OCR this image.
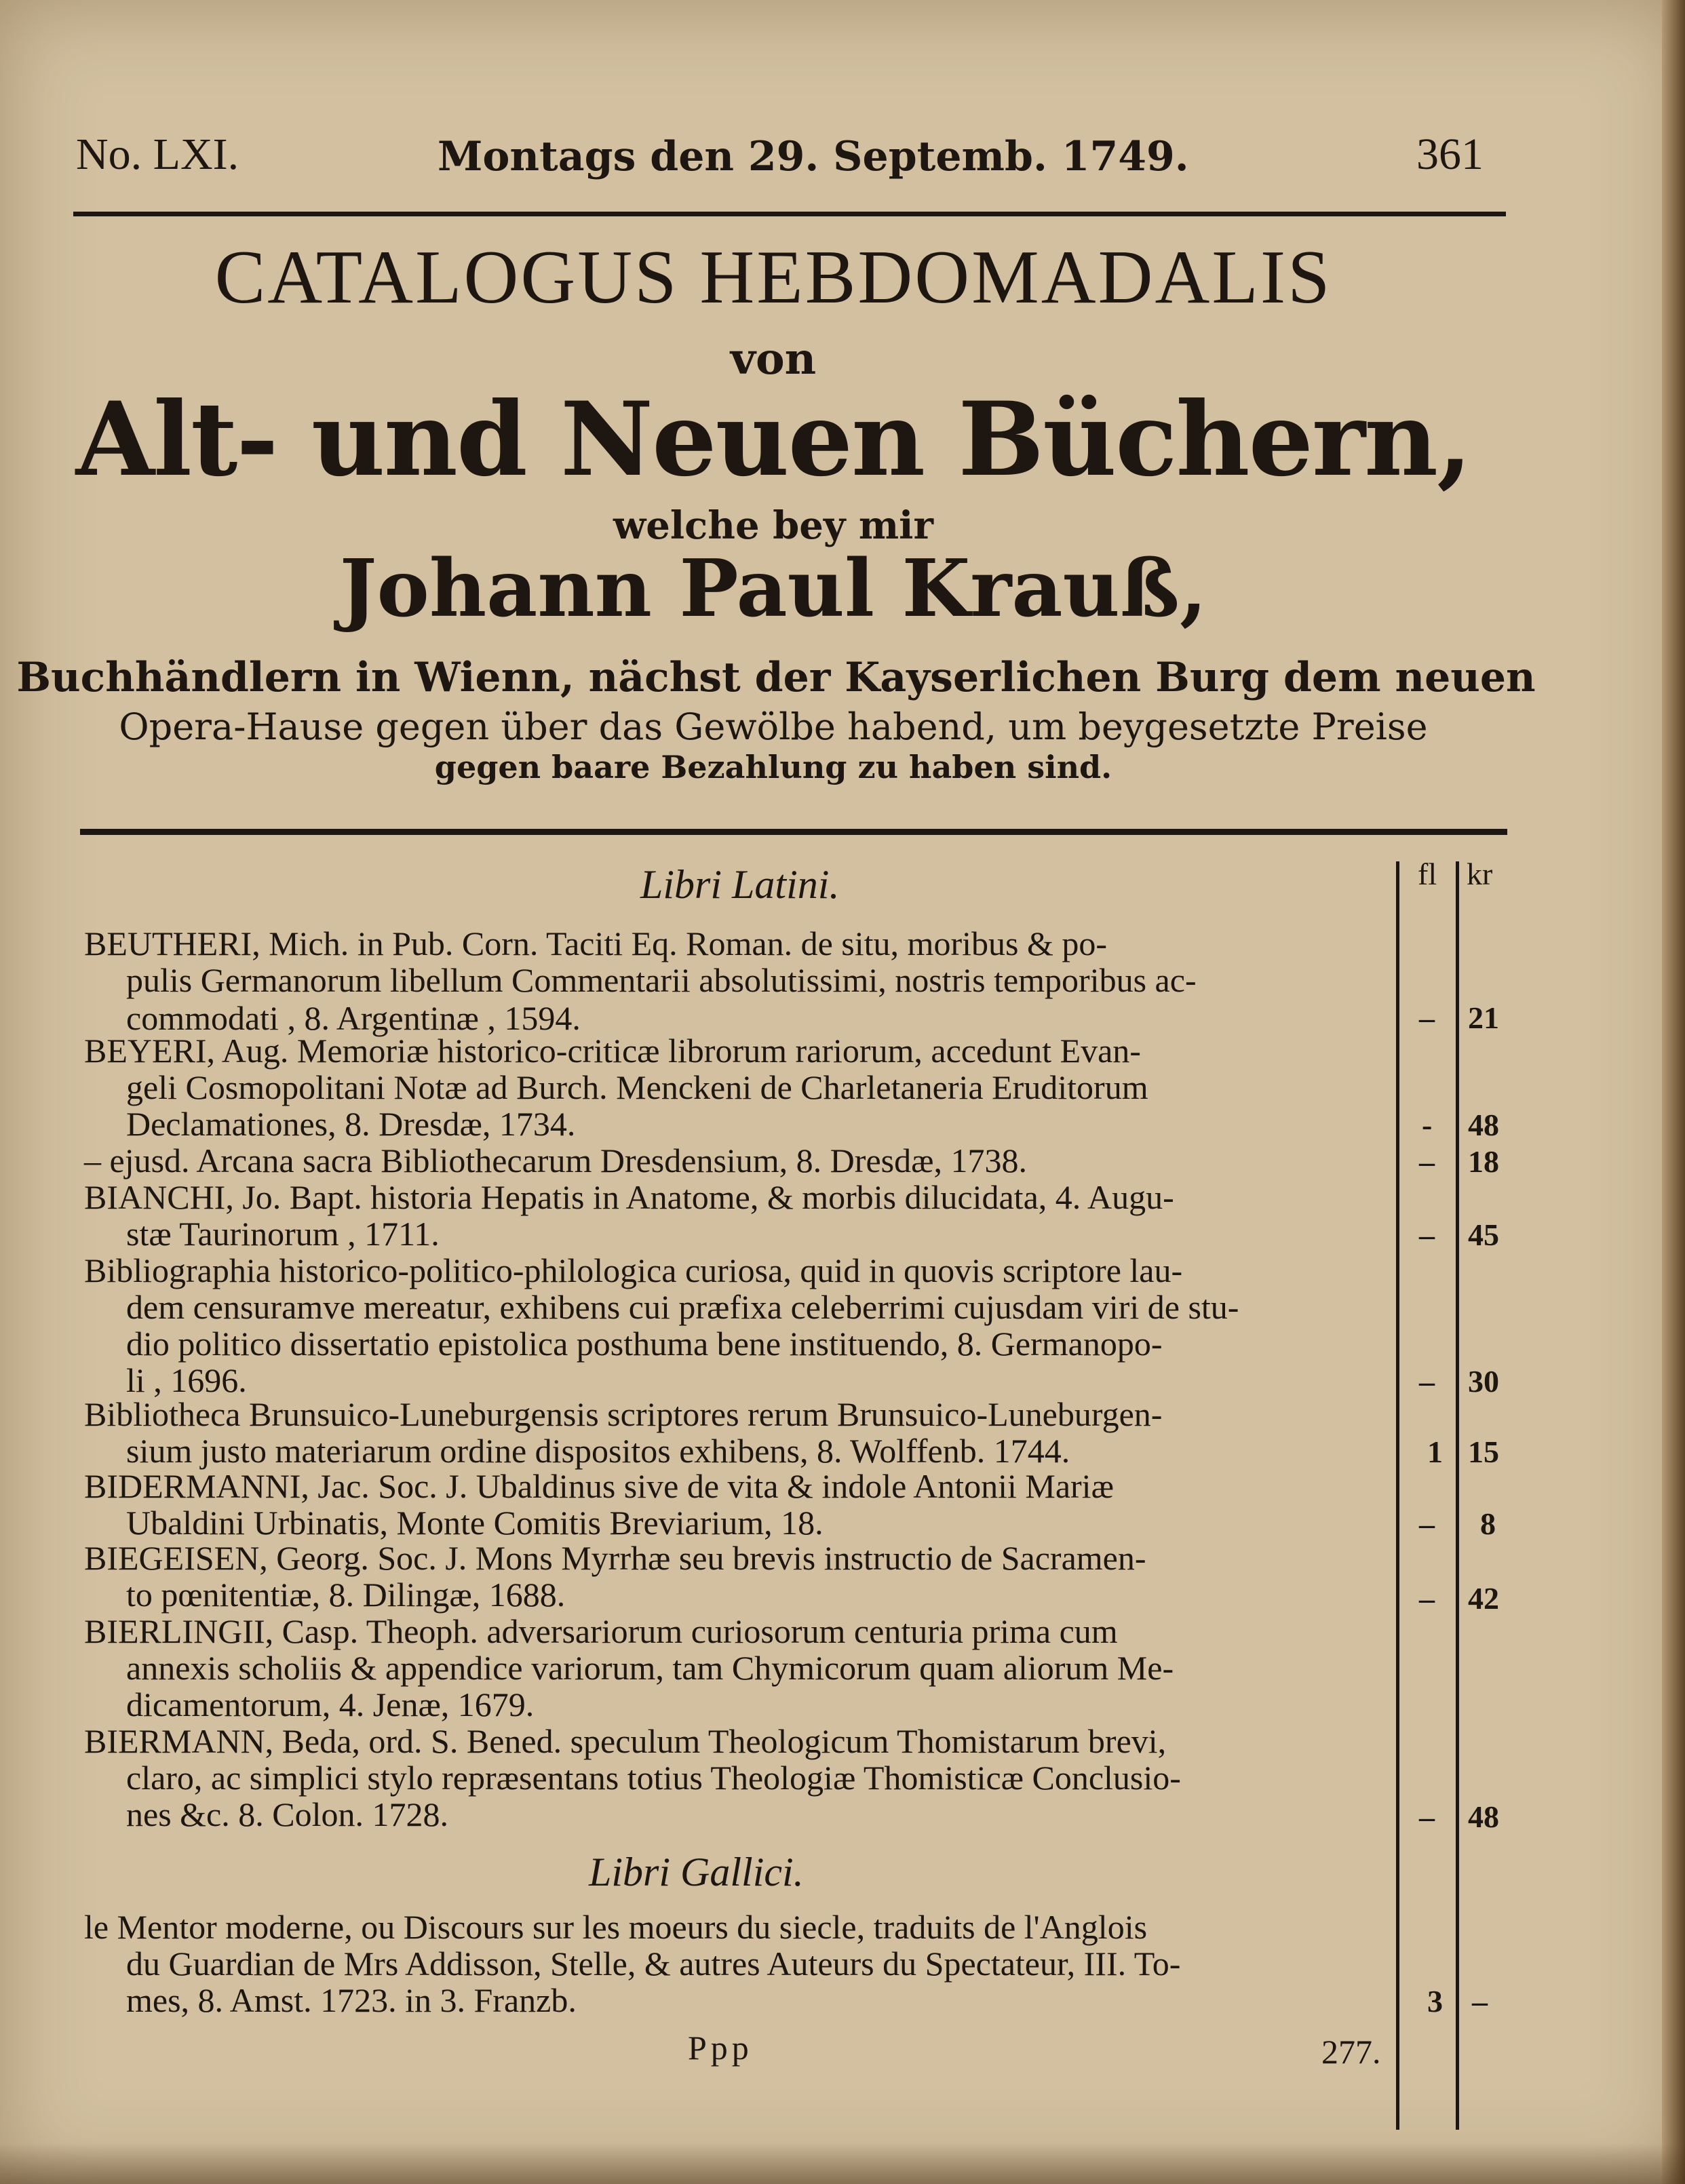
No. LXI.	Montags den 29. Septemb. 1749.	361
CATALOGUS HEBDOMADALIS
von
Alt- und Neuen Büchern,
welche bey mir
Johann Paul Krauß,
Buchhändlern in Wienn, nächst der Kayserlichen Burg dem neuen
Opera-Hause gegen über das Gewölbe habend, um beygesetzte Preise
gegen baare Bezahlung zu haben sind.
fl kr
Libri Latini.
BEUTHERI, Mich. in Pub. Corn. Taciti Eq. Roman. de situ, moribus & po-
pulis Germanorum libellum Commentarii absolutissimi, nostris temporibus ac-
commodati , 8. Argentinæ , 1594.	– 21
BEYERI, Aug. Memoriæ historico-criticæ librorum rariorum, accedunt Evan-
geli Cosmopolitani Notæ ad Burch. Menckeni de Charletaneria Eruditorum
Declamationes, 8. Dresdæ, 1734.	- 48
– ejusd. Arcana sacra Bibliothecarum Dresdensium, 8. Dresdæ, 1738.	– 18
BIANCHI, Jo. Bapt. historia Hepatis in Anatome, & morbis dilucidata, 4. Augu-
stæ Taurinorum , 1711.	– 45
Bibliographia historico-politico-philologica curiosa, quid in quovis scriptore lau-
dem censuramve mereatur, exhibens cui præfixa celeberrimi cujusdam viri de stu-
dio politico dissertatio epistolica posthuma bene instituendo, 8. Germanopo-
li , 1696.	– 30
Bibliotheca Brunsuico-Luneburgensis scriptores rerum Brunsuico-Luneburgen-
sium justo materiarum ordine dispositos exhibens, 8. Wolffenb. 1744.	1 15
BIDERMANNI, Jac. Soc. J. Ubaldinus sive de vita & indole Antonii Mariæ
Ubaldini Urbinatis, Monte Comitis Breviarium, 18.	– 8
BIEGEISEN, Georg. Soc. J. Mons Myrrhæ seu brevis instructio de Sacramen-
to pœnitentiæ, 8. Dilingæ, 1688.	– 42
BIERLINGII, Casp. Theoph. adversariorum curiosorum centuria prima cum
annexis scholiis & appendice variorum, tam Chymicorum quam aliorum Me-
dicamentorum, 4. Jenæ, 1679.
BIERMANN, Beda, ord. S. Bened. speculum Theologicum Thomistarum brevi,
claro, ac simplici stylo repræsentans totius Theologiæ Thomisticæ Conclusio-
nes &c. 8. Colon. 1728.	– 48
Libri Gallici.
le Mentor moderne, ou Discours sur les moeurs du siecle, traduits de l'Anglois
du Guardian de Mrs Addisson, Stelle, & autres Auteurs du Spectateur, III. To-
mes, 8. Amst. 1723. in 3. Franzb.	3 –
Ppp	277.
